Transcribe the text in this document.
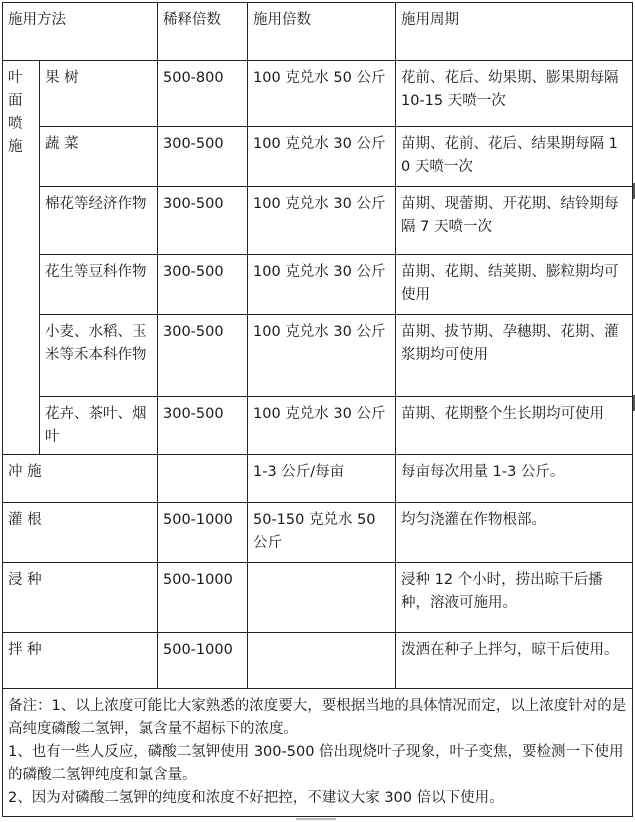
施用方法		稀释倍数	施用倍数	施用周期

叶面喷施	果 树	500-800	100 克兑水 50 公斤	花前、花后、幼果期、膨果期每隔 10-15 天喷一次
	蔬 菜	300-500	100 克兑水 30 公斤	苗期、花前、花后、结果期每隔 10 天喷一次
	棉花等经济作物	300-500	100 克兑水 30 公斤	苗期、现蕾期、开花期、结铃期每隔 7 天喷一次
	花生等豆科作物	300-500	100 克兑水 30 公斤	苗期、花期、结荚期、膨粒期均可使用
	小麦、水稻、玉米等禾本科作物	300-500	100 克兑水 30 公斤	苗期、拔节期、孕穗期、花期、灌浆期均可使用
	花卉、茶叶、烟叶	300-500	100 克兑水 30 公斤	苗期、花期整个生长期均可使用
冲 施			1-3 公斤/每亩	每亩每次用量 1-3 公斤。
灌 根		500-1000	50-150 克兑水 50 公斤	均匀浇灌在作物根部。
浸 种		500-1000		浸种 12 个小时，捞出晾干后播种，溶液可施用。
拌 种		500-1000		泼洒在种子上拌匀，晾干后使用。
备注：1、以上浓度可能比大家熟悉的浓度要大，要根据当地的具体情况而定，以上浓度针对的是高纯度磷酸二氢钾，氯含量不超标下的浓度。
1、也有一些人反应，磷酸二氢钾使用 300-500 倍出现烧叶子现象，叶子变焦，要检测一下使用的磷酸二氢钾纯度和氯含量。
2、因为对磷酸二氢钾的纯度和浓度不好把控，不建议大家 300 倍以下使用。
